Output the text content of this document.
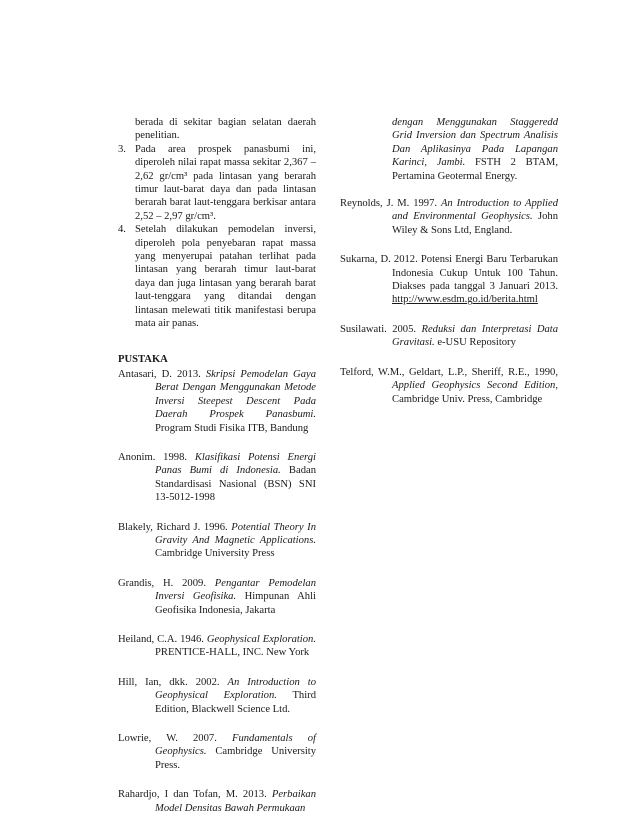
berada di sekitar bagian selatan daerah penelitian.

3. Pada area prospek panasbumi ini, diperoleh nilai rapat massa sekitar 2,367 – 2,62 gr/cm³ pada lintasan yang berarah timur laut-barat daya dan pada lintasan berarah barat laut-tenggara berkisar antara 2,52 – 2,97 gr/cm³.
4. Setelah dilakukan pemodelan inversi, diperoleh pola penyebaran rapat massa yang menyerupai patahan terlihat pada lintasan yang berarah timur laut-barat daya dan juga lintasan yang berarah barat laut-tenggara yang ditandai dengan lintasan melewati titik manifestasi berupa mata air panas.
PUSTAKA

Antasari, D. 2013. Skripsi Pemodelan Gaya Berat Dengan Menggunakan Metode Inversi Steepest Descent Pada Daerah Prospek Panasbumi. Program Studi Fisika ITB, Bandung

Anonim. 1998. Klasifikasi Potensi Energi Panas Bumi di Indonesia. Badan Standardisasi Nasional (BSN) SNI 13-5012-1998

Blakely, Richard J. 1996. Potential Theory In Gravity And Magnetic Applications. Cambridge University Press

Grandis, H. 2009. Pengantar Pemodelan Inversi Geofisika. Himpunan Ahli Geofisika Indonesia, Jakarta

Heiland, C.A. 1946. Geophysical Exploration. PRENTICE-HALL, INC. New York

Hill, Ian, dkk. 2002. An Introduction to Geophysical Exploration. Third Edition, Blackwell Science Ltd.

Lowrie, W. 2007. Fundamentals of Geophysics. Cambridge University Press.

Rahardjo, I dan Tofan, M. 2013. Perbaikan Model Densitas Bawah Permukaan

dengan Menggunakan Staggeredd Grid Inversion dan Spectrum Analisis Dan Aplikasinya Pada Lapangan Karinci, Jambi. FSTH 2 BTAM, Pertamina Geotermal Energy.

Reynolds, J. M. 1997. An Introduction to Applied and Environmental Geophysics. John Wiley & Sons Ltd, England.

Sukarna, D. 2012. Potensi Energi Baru Terbarukan Indonesia Cukup Untuk 100 Tahun. Diakses pada tanggal 3 Januari 2013. http://www.esdm.go.id/berita.html

Susilawati. 2005. Reduksi dan Interpretasi Data Gravitasi. e-USU Repository

Telford, W.M., Geldart, L.P., Sheriff, R.E., 1990, Applied Geophysics Second Edition, Cambridge Univ. Press, Cambridge
